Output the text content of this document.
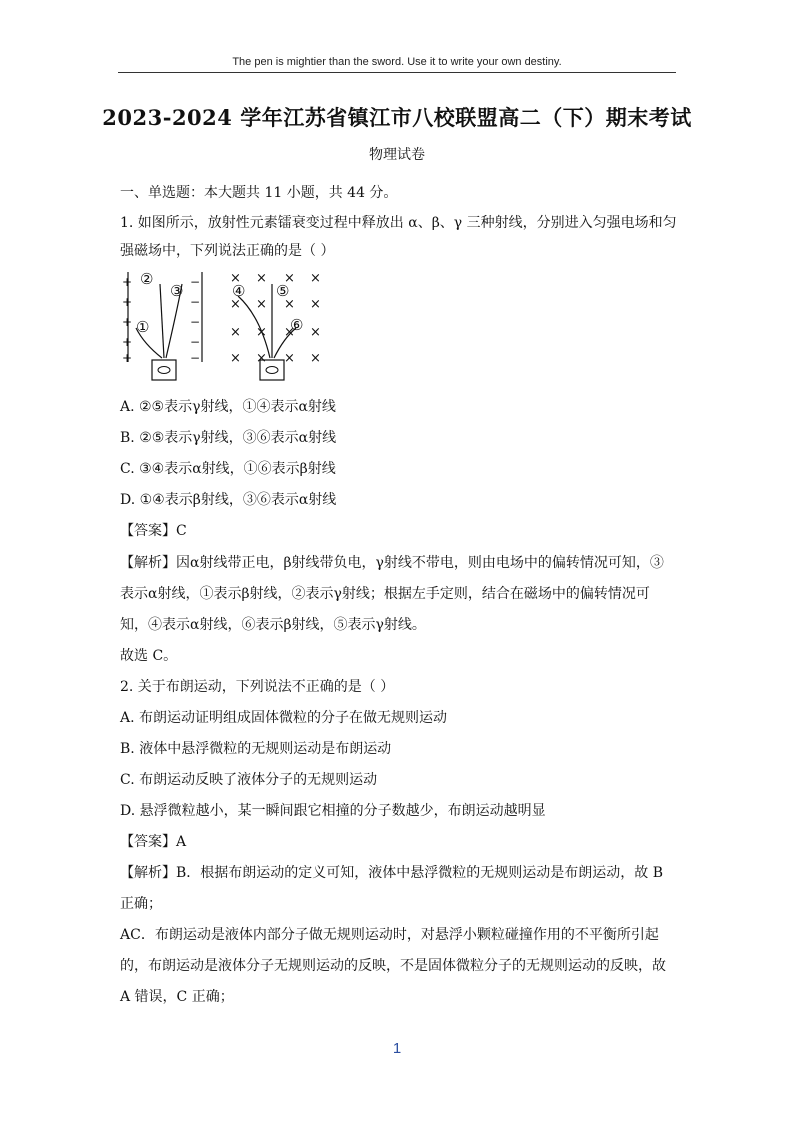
The pen is mightier than the sword. Use it to write your own destiny.
2023-2024 学年江苏省镇江市八校联盟高二（下）期末考试
物理试卷
一、单选题：本大题共 11 小题，共 44 分。
1. 如图所示，放射性元素镭衰变过程中释放出 α、β、γ 三种射线，分别进入匀强电场和匀
强磁场中，下列说法正确的是（ ）
+
+
+
+
+
−
−
−
−
−
②
③
①
× × × ×
× × × ×
× × × ×
× × × ×
④ ⑤
⑥
A. ②⑤表示γ射线，①④表示α射线
B. ②⑤表示γ射线，③⑥表示α射线
C. ③④表示α射线，①⑥表示β射线
D. ①④表示β射线，③⑥表示α射线
【答案】C
【解析】因α射线带正电，β射线带负电，γ射线不带电，则由电场中的偏转情况可知，③
表示α射线，①表示β射线，②表示γ射线；根据左手定则，结合在磁场中的偏转情况可
知，④表示α射线，⑥表示β射线，⑤表示γ射线。
故选 C。
2. 关于布朗运动，下列说法不正确的是（ ）
A. 布朗运动证明组成固体微粒的分子在做无规则运动
B. 液体中悬浮微粒的无规则运动是布朗运动
C. 布朗运动反映了液体分子的无规则运动
D. 悬浮微粒越小，某一瞬间跟它相撞的分子数越少，布朗运动越明显
【答案】A
【解析】B．根据布朗运动的定义可知，液体中悬浮微粒的无规则运动是布朗运动，故 B
正确；
AC．布朗运动是液体内部分子做无规则运动时，对悬浮小颗粒碰撞作用的不平衡所引起
的，布朗运动是液体分子无规则运动的反映，不是固体微粒分子的无规则运动的反映，故
A 错误，C 正确；
1
